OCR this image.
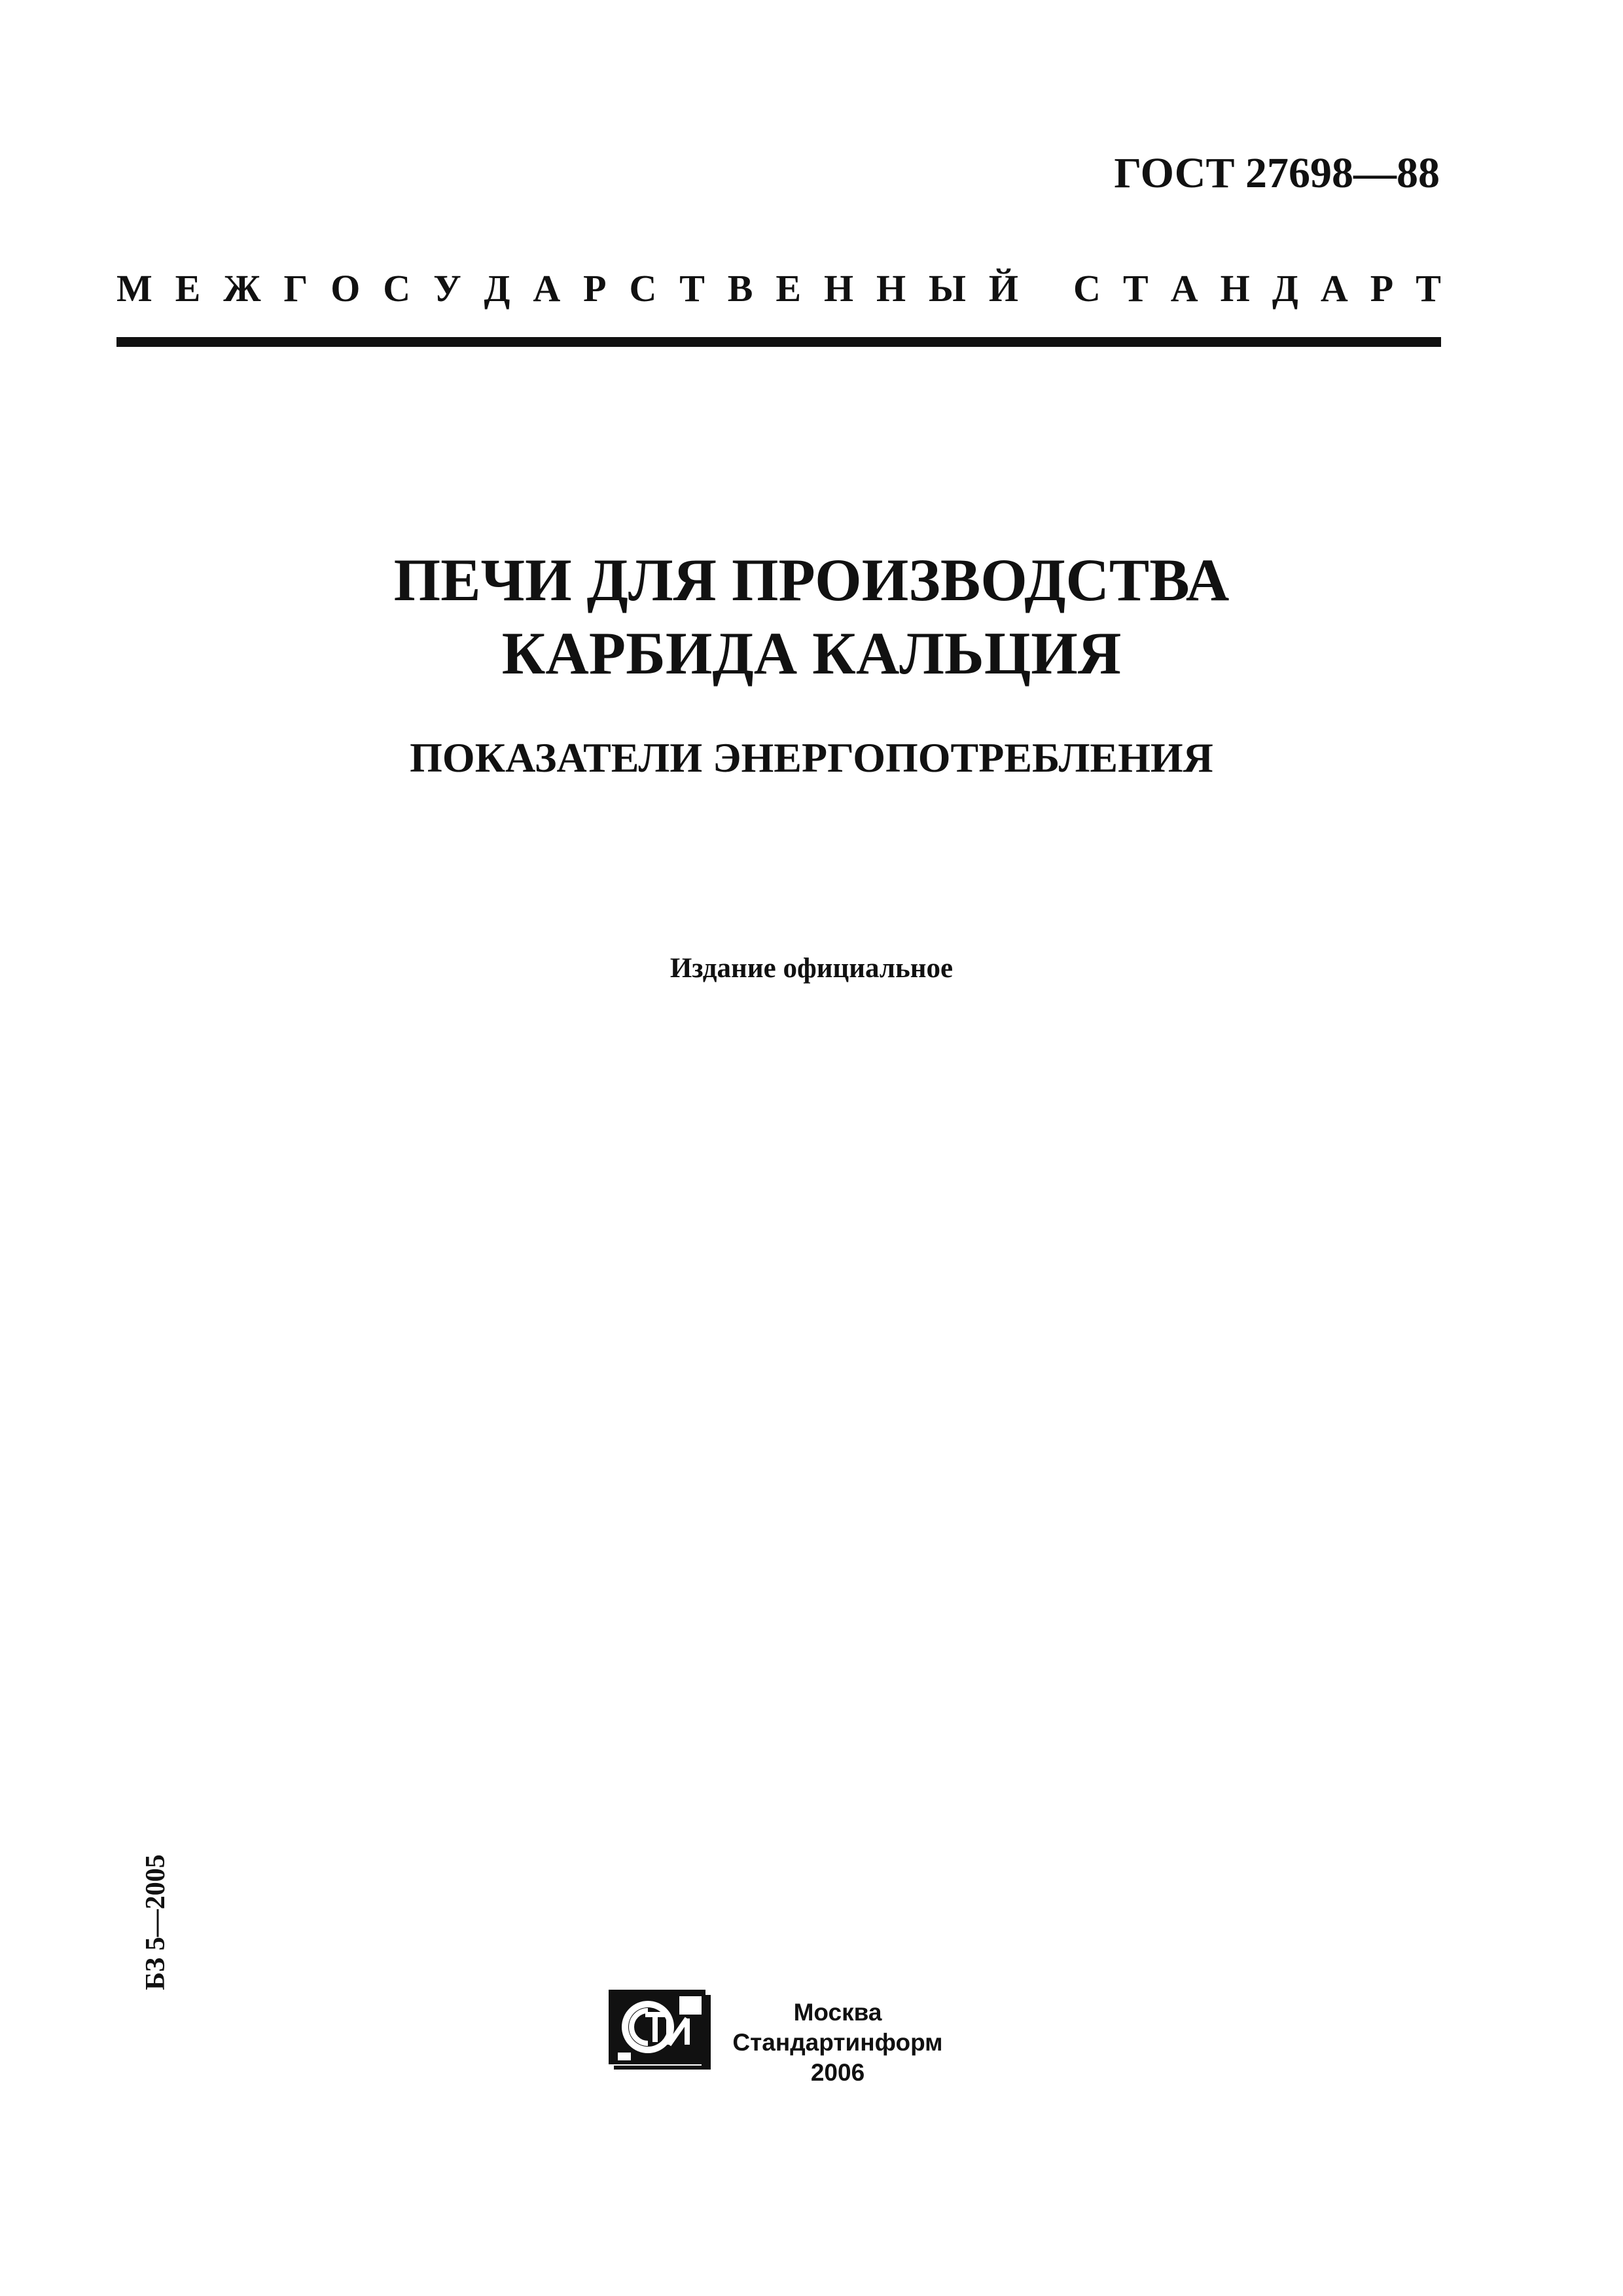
ГОСТ 27698—88
М Е Ж Г О С У Д А Р С Т В Е Н Н Ы Й С Т А Н Д А Р Т
ПЕЧИ ДЛЯ ПРОИЗВОДСТВА
КАРБИДА КАЛЬЦИЯ
ПОКАЗАТЕЛИ ЭНЕРГОПОТРЕБЛЕНИЯ
Издание официальное
БЗ 5—2005
Москва
Стандартинформ
2006
